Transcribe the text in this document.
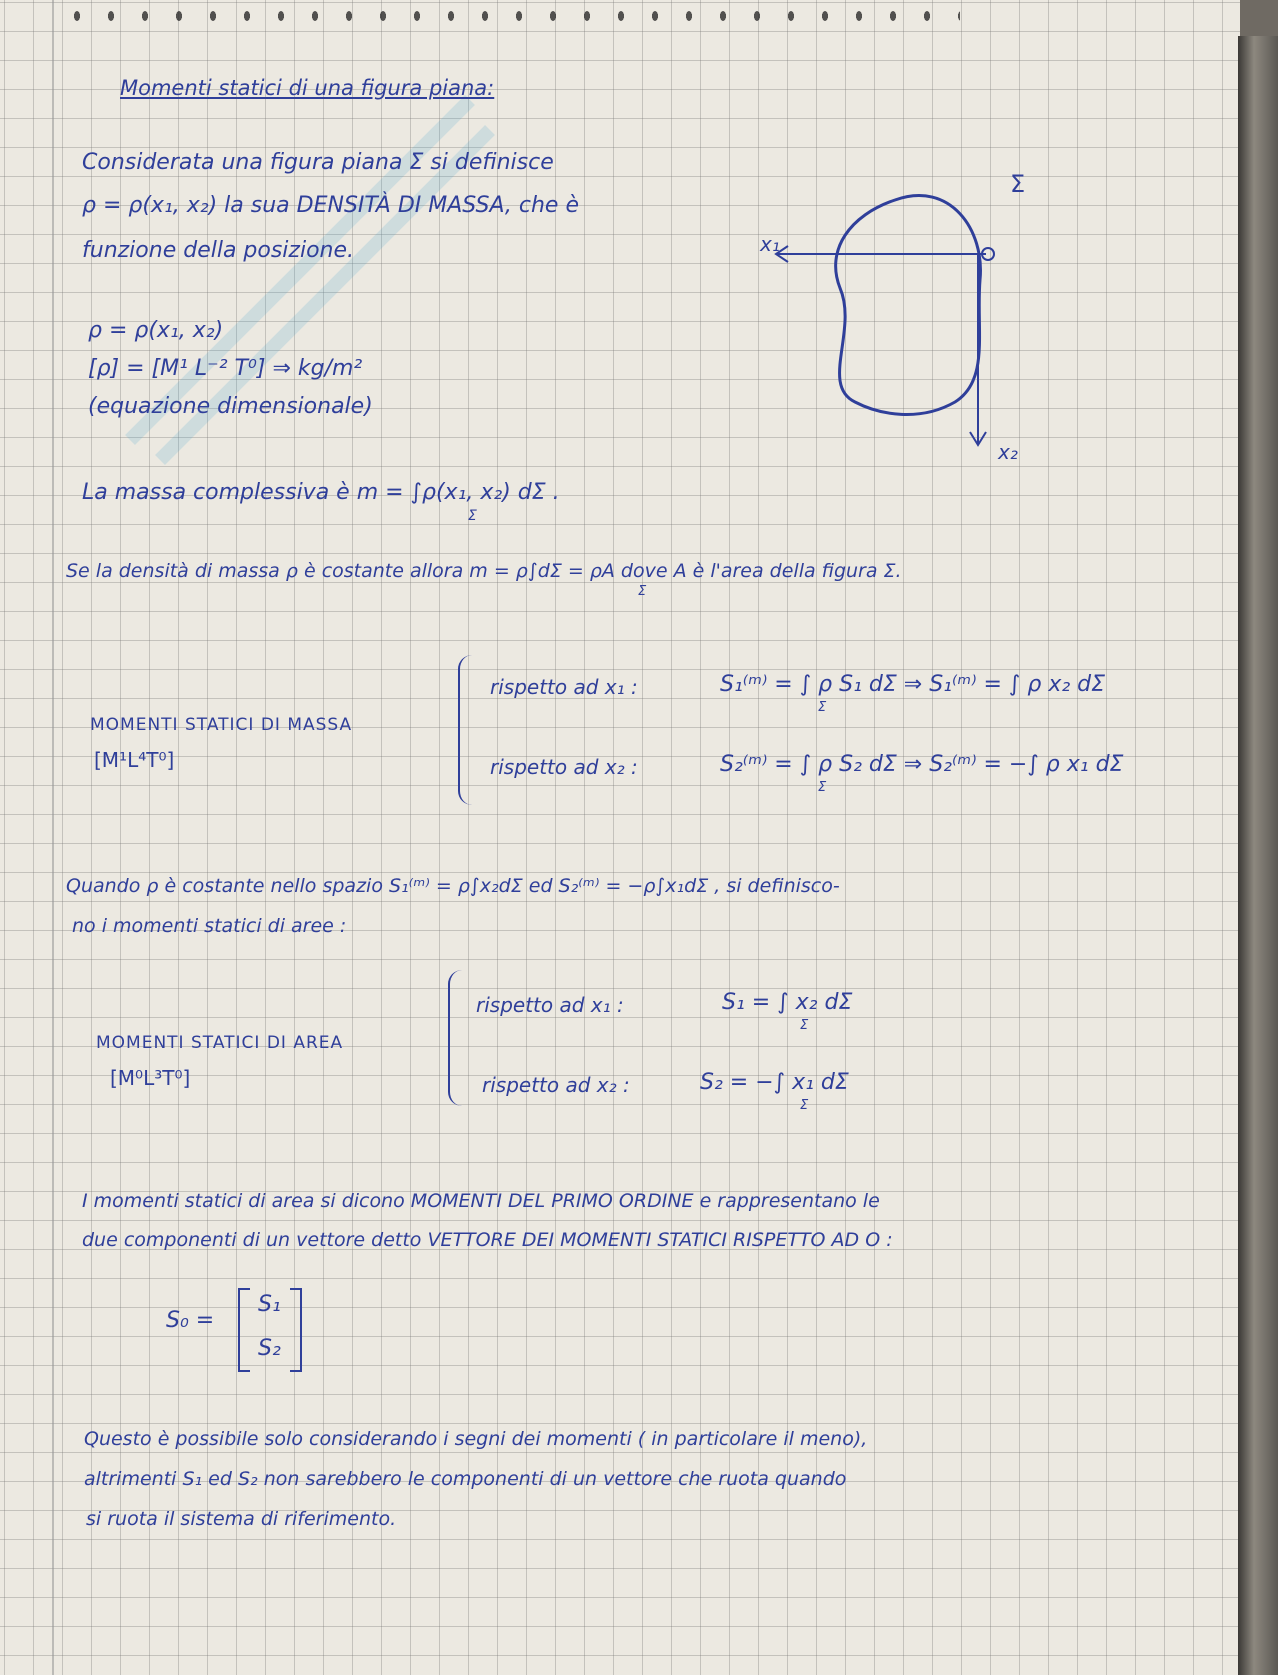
Momenti statici di una figura piana:
Considerata una figura piana Σ si definisce
ρ = ρ(x₁, x₂) la sua DENSITÀ DI MASSA, che è
funzione della posizione.
ρ = ρ(x₁, x₂)
[ρ] = [M¹ L⁻² T⁰] ⇒ kg/m²
(equazione dimensionale)
Σ
x₁
x₂
La massa complessiva è m = ∫ρ(x₁, x₂) dΣ .
Σ
Se la densità di massa ρ è costante allora m = ρ∫dΣ = ρA dove A è l'area della figura Σ.
Σ
MOMENTI STATICI DI MASSA
[M¹L⁴T⁰]
rispetto ad x₁ :	S₁⁽ᵐ⁾ = ∫ ρ S₁ dΣ ⇒ S₁⁽ᵐ⁾ = ∫ ρ x₂ dΣ
Σ
rispetto ad x₂ :	S₂⁽ᵐ⁾ = ∫ ρ S₂ dΣ ⇒ S₂⁽ᵐ⁾ = −∫ ρ x₁ dΣ
Σ
Quando ρ è costante nello spazio S₁⁽ᵐ⁾ = ρ∫x₂dΣ ed S₂⁽ᵐ⁾ = −ρ∫x₁dΣ , si definisco-
no i momenti statici di aree :
MOMENTI STATICI DI AREA
[M⁰L³T⁰]
rispetto ad x₁ :	S₁ = ∫ x₂ dΣ
Σ
rispetto ad x₂ :	S₂ = −∫ x₁ dΣ
Σ
I momenti statici di area si dicono MOMENTI DEL PRIMO ORDINE e rappresentano le
due componenti di un vettore detto VETTORE DEI MOMENTI STATICI RISPETTO AD O :
S₀ =
S₁
S₂
Questo è possibile solo considerando i segni dei momenti ( in particolare il meno),
altrimenti S₁ ed S₂ non sarebbero le componenti di un vettore che ruota quando
si ruota il sistema di riferimento.
